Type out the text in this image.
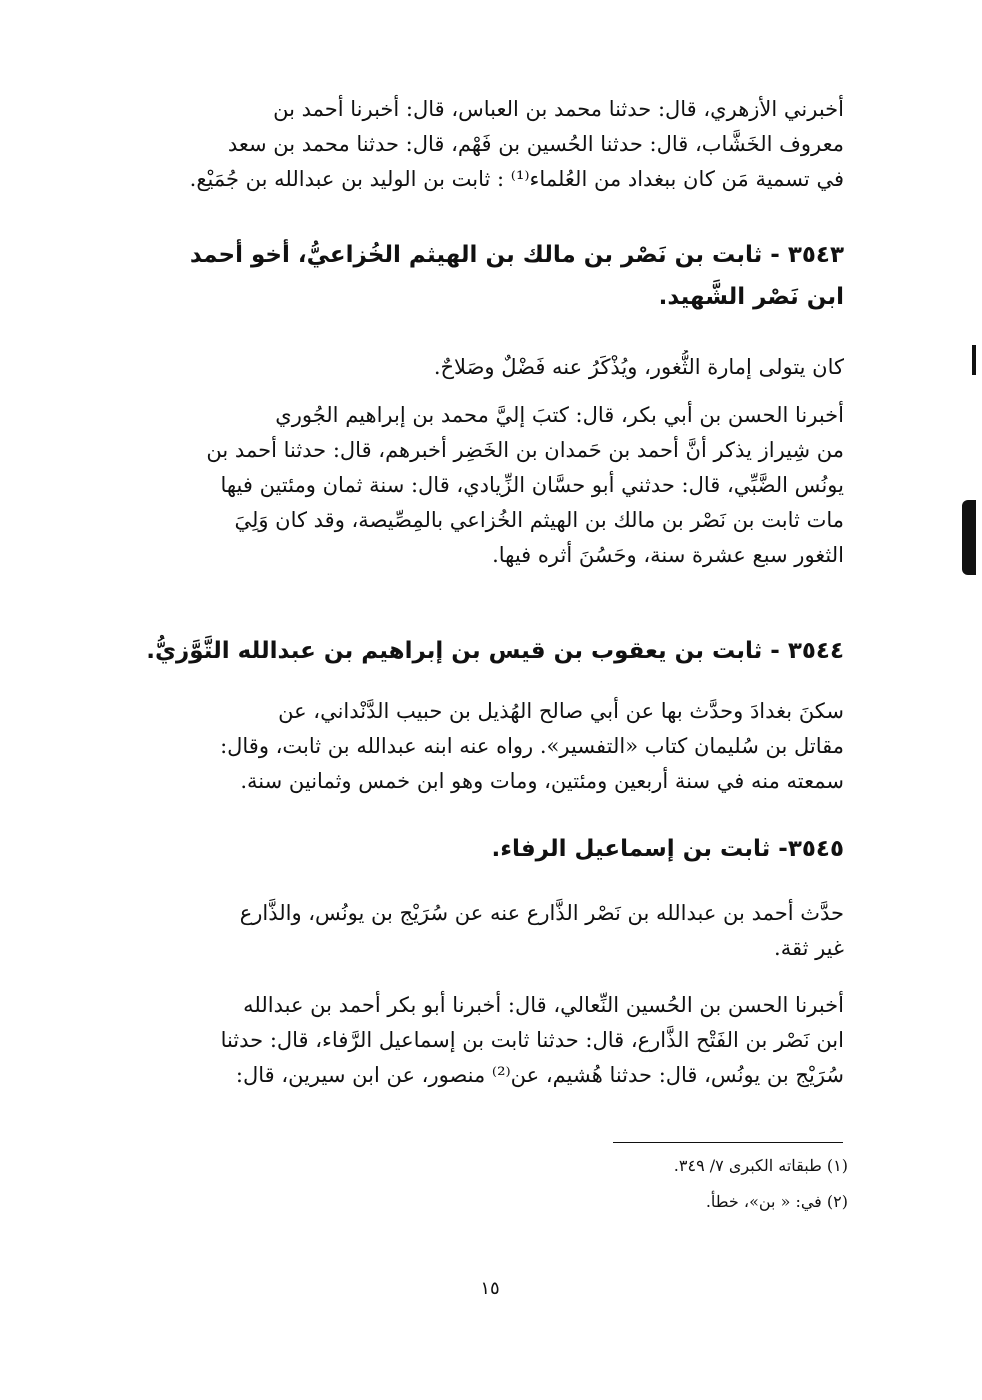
أخبرني الأزهري، قال: حدثنا محمد بن العباس، قال: أخبرنا أحمد بن
معروف الخَشَّاب، قال: حدثنا الحُسين بن فَهْم، قال: حدثنا محمد بن سعد
في تسمية مَن كان ببغداد من العُلماء⁽¹⁾ : ثابت بن الوليد بن عبدالله بن جُمَيْع.
٣٥٤٣ - ثابت بن نَصْر بن مالك بن الهيثم الخُزاعيُّ، أخو أحمد
ابن نَصْر الشَّهيد.
كان يتولى إمارة الثُّغور، ويُذْكَرُ عنه فَضْلٌ وصَلاحٌ.
أخبرنا الحسن بن أبي بكر، قال: كتبَ إليَّ محمد بن إبراهيم الجُوري
من شِيراز يذكر أنَّ أحمد بن حَمدان بن الخَضِر أخبرهم، قال: حدثنا أحمد بن
يونُس الضَّبِّي، قال: حدثني أبو حسَّان الزِّيادي، قال: سنة ثمان ومئتين فيها
مات ثابت بن نَصْر بن مالك بن الهيثم الخُزاعي بالمِصِّيصة، وقد كان وَلِيَ
الثغور سبع عشرة سنة، وحَسُنَ أثره فيها.
٣٥٤٤ - ثابت بن يعقوب بن قيس بن إبراهيم بن عبدالله التَّوَّزيُّ.
سكنَ بغدادَ وحدَّث بها عن أبي صالح الهُذيل بن حبيب الدَّنْداني، عن
مقاتل بن سُليمان كتاب «التفسير». رواه عنه ابنه عبدالله بن ثابت، وقال:
سمعته منه في سنة أربعين ومئتين، ومات وهو ابن خمس وثمانين سنة.
٣٥٤٥- ثابت بن إسماعيل الرفاء.
حدَّث أحمد بن عبدالله بن نَصْر الذَّارع عنه عن سُرَيْج بن يونُس، والذَّارع
غير ثقة.
أخبرنا الحسن بن الحُسين النِّعالي، قال: أخبرنا أبو بكر أحمد بن عبدالله
ابن نَصْر بن الفَتْح الذَّارع، قال: حدثنا ثابت بن إسماعيل الرَّفاء، قال: حدثنا
سُرَيْج بن يونُس، قال: حدثنا هُشيم، عن⁽²⁾ منصور، عن ابن سيرين، قال:
(١) طبقاته الكبرى ٧/ ٣٤٩.
(٢) في: « بن»، خطأ.
١٥
